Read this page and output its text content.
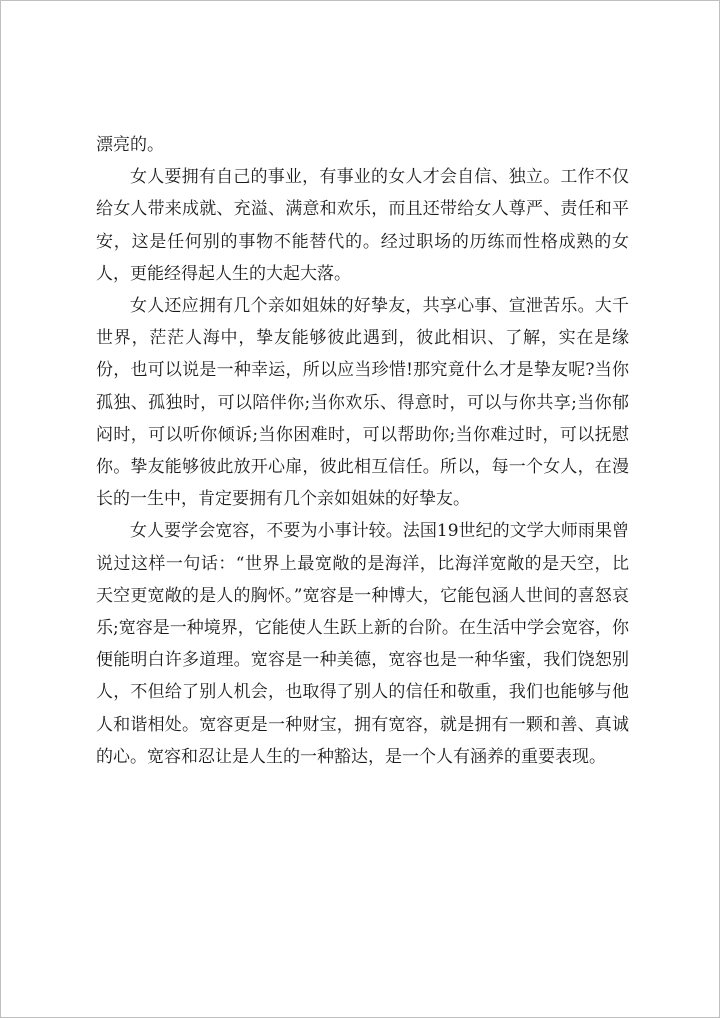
漂亮的。

女人要拥有自己的事业，有事业的女人才会自信、独立。工作不仅给女人带来成就、充溢、满意和欢乐，而且还带给女人尊严、责任和平安，这是任何别的事物不能替代的。经过职场的历练而性格成熟的女人，更能经得起人生的大起大落。

女人还应拥有几个亲如姐妹的好挚友，共享心事、宣泄苦乐。大千世界，茫茫人海中，挚友能够彼此遇到，彼此相识、了解，实在是缘份，也可以说是一种幸运，所以应当珍惜!那究竟什么才是挚友呢?当你孤独、孤独时，可以陪伴你;当你欢乐、得意时，可以与你共享;当你郁闷时，可以听你倾诉;当你困难时，可以帮助你;当你难过时，可以抚慰你。挚友能够彼此放开心扉，彼此相互信任。所以，每一个女人，在漫长的一生中，肯定要拥有几个亲如姐妹的好挚友。

女人要学会宽容，不要为小事计较。法国19世纪的文学大师雨果曾说过这样一句话：“世界上最宽敞的是海洋，比海洋宽敞的是天空，比天空更宽敞的是人的胸怀。”宽容是一种博大，它能包涵人世间的喜怒哀乐;宽容是一种境界，它能使人生跃上新的台阶。在生活中学会宽容，你便能明白许多道理。宽容是一种美德，宽容也是一种华蜜，我们饶恕别人，不但给了别人机会，也取得了别人的信任和敬重，我们也能够与他人和谐相处。宽容更是一种财宝，拥有宽容，就是拥有一颗和善、真诚的心。宽容和忍让是人生的一种豁达，是一个人有涵养的重要表现。
